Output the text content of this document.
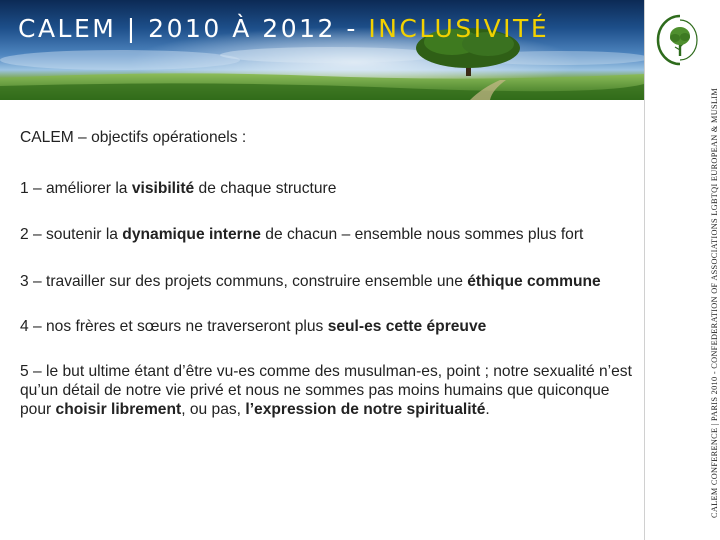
CALEM | 2010 À 2012 - INCLUSIVITÉ
CALEM CONFERENCE | PARIS 2010 - CONFEDERATION OF ASSOCIATIONS LGBTQI EUROPEAN & MUSLIM

CALEM – objectifs opérationels :

1 – améliorer la visibilité de chaque structure

2 – soutenir la dynamique interne de chacun – ensemble nous sommes plus fort

3 – travailler sur des projets communs, construire ensemble une éthique commune

4 – nos frères et sœurs ne traverseront plus seul-es cette épreuve

5 – le but ultime étant d’être vu-es comme des musulman-es, point ; notre sexualité n’est qu’un détail de notre vie privé et nous ne sommes pas moins humains que quiconque pour choisir librement, ou pas, l’expression de notre spiritualité.
